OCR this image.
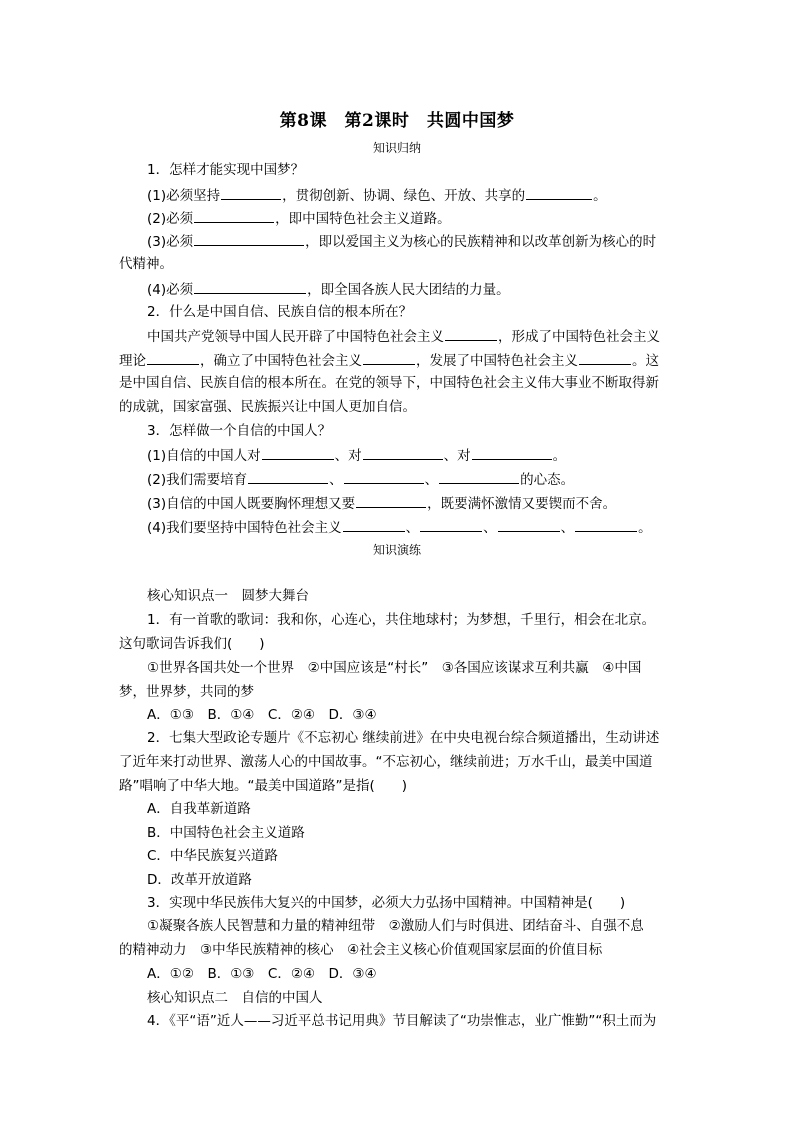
第8课　第2课时　共圆中国梦
知识归纳
1．怎样才能实现中国梦？
(1)必须坚持	，贯彻创新、协调、绿色、开放、共享的	。
(2)必须	，即中国特色社会主义道路。
(3)必须	，即以爱国主义为核心的民族精神和以改革创新为核心的时
代精神。
(4)必须	，即全国各族人民大团结的力量。
2．什么是中国自信、民族自信的根本所在？
中国共产党领导中国人民开辟了中国特色社会主义	，形成了中国特色社会主义
理论	，确立了中国特色社会主义	，发展了中国特色社会主义	。这
是中国自信、民族自信的根本所在。在党的领导下，中国特色社会主义伟大事业不断取得新
的成就，国家富强、民族振兴让中国人更加自信。
3．怎样做一个自信的中国人？
(1)自信的中国人对	、对	、对	。
(2)我们需要培育	、	、	的心态。
(3)自信的中国人既要胸怀理想又要	，既要满怀激情又要锲而不舍。
(4)我们要坚持中国特色社会主义	、	、	、	。
知识演练
核心知识点一　圆梦大舞台
1．有一首歌的歌词：我和你，心连心，共住地球村；为梦想，千里行，相会在北京。
这句歌词告诉我们(　　)
①世界各国共处一个世界　②中国应该是“村长”　③各国应该谋求互利共赢　④中国
梦，世界梦，共同的梦
A．①③　B．①④　C．②④　D．③④
2．七集大型政论专题片《不忘初心 继续前进》在中央电视台综合频道播出，生动讲述
了近年来打动世界、激荡人心的中国故事。“不忘初心，继续前进；万水千山，最美中国道
路”唱响了中华大地。“最美中国道路”是指(　　)
A．自我革新道路
B．中国特色社会主义道路
C．中华民族复兴道路
D．改革开放道路
3．实现中华民族伟大复兴的中国梦，必须大力弘扬中国精神。中国精神是(　　)
①凝聚各族人民智慧和力量的精神纽带　②激励人们与时俱进、团结奋斗、自强不息
的精神动力　③中华民族精神的核心　④社会主义核心价值观国家层面的价值目标
A．①②　B．①③　C．②④　D．③④
核心知识点二　自信的中国人
4．《平“语”近人——习近平总书记用典》节目解读了“功崇惟志，业广惟勤”“积土而为
